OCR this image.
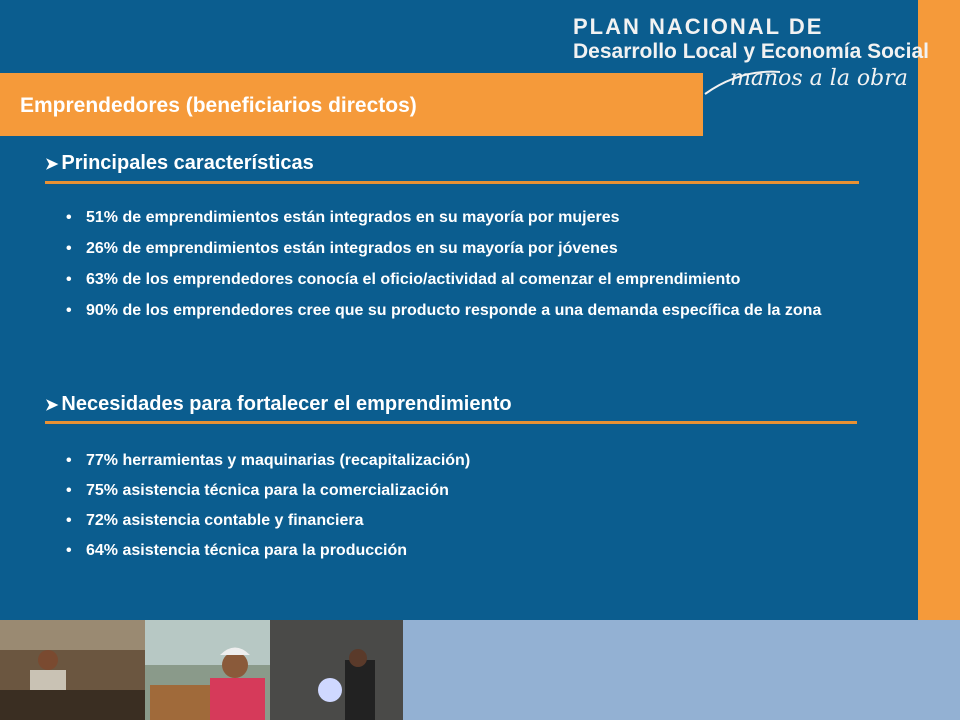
PLAN NACIONAL DE
Desarrollo Local y Economía Social
manos a la obra
Emprendedores (beneficiarios directos)
➤ Principales características
• 51% de emprendimientos están integrados en su mayoría por mujeres
• 26% de emprendimientos están integrados en su mayoría por jóvenes
• 63% de los emprendedores conocía el oficio/actividad al comenzar el emprendimiento
• 90% de los emprendedores cree que su producto responde a una demanda específica de la zona
➤ Necesidades para fortalecer el emprendimiento
• 77% herramientas y maquinarias (recapitalización)
• 75% asistencia técnica para la comercialización
• 72% asistencia contable y financiera
• 64% asistencia técnica para la producción
